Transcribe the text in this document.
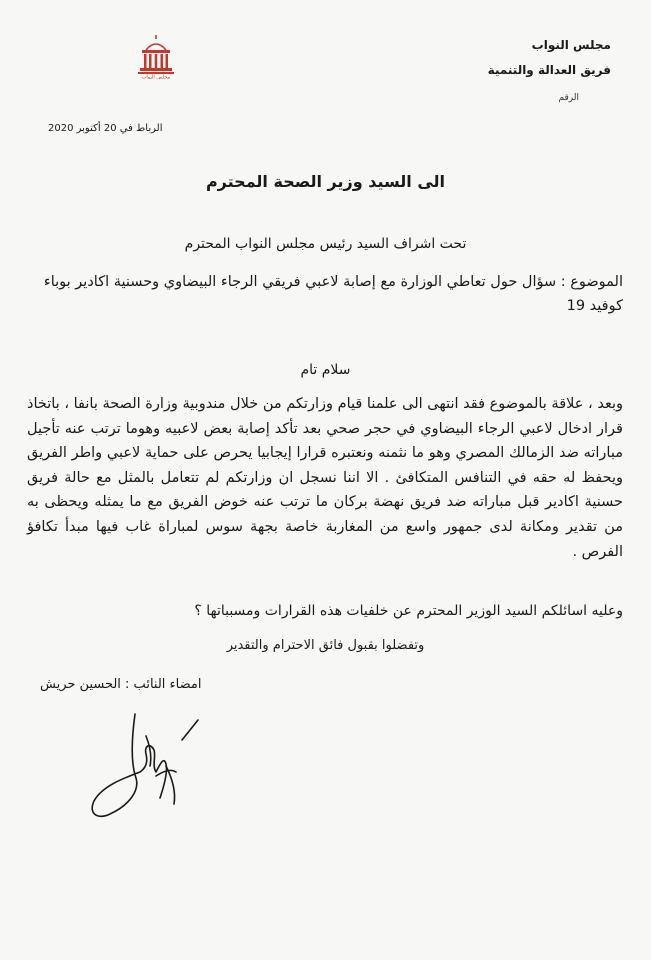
مجلس النواب
مجلس النواب
فريق العدالة والتنمية
الرقم
الرباط في 20 أكتوبر 2020
الى السيد وزير الصحة المحترم
تحت اشراف السيد رئيس مجلس النواب المحترم
الموضوع : سؤال حول تعاطي الوزارة مع إصابة لاعبي فريقي الرجاء البيضاوي وحسنية اكادير بوباء كوفيد 19
سلام تام
وبعد ، علاقة بالموضوع فقد انتهى الى علمنا قيام وزارتكم من خلال مندوبية وزارة الصحة بانفا ، باتخاذ قرار ادخال لاعبي الرجاء البيضاوي في حجر صحي بعد تأكد إصابة بعض لاعبيه وهوما ترتب عنه تأجيل مباراته ضد الزمالك المصري وهو ما نثمنه ونعتبره قرارا إيجابيا يحرص على حماية لاعبي واطر الفريق ويحفظ له حقه في التنافس المتكافئ . الا اننا نسجل ان وزارتكم لم تتعامل بالمثل مع حالة فريق حسنية اكادير قبل مباراته ضد فريق نهضة بركان ما ترتب عنه خوض الفريق مع ما يمثله ويحظى به من تقدير ومكانة لدى جمهور واسع من المغاربة خاصة بجهة سوس لمباراة غاب فيها مبدأ تكافؤ الفرص .
وعليه اسائلكم السيد الوزير المحترم عن خلفيات هذه القرارات ومسبباتها ؟
وتفضلوا بقبول فائق الاحترام والتقدير
امضاء النائب : الحسين حريش
